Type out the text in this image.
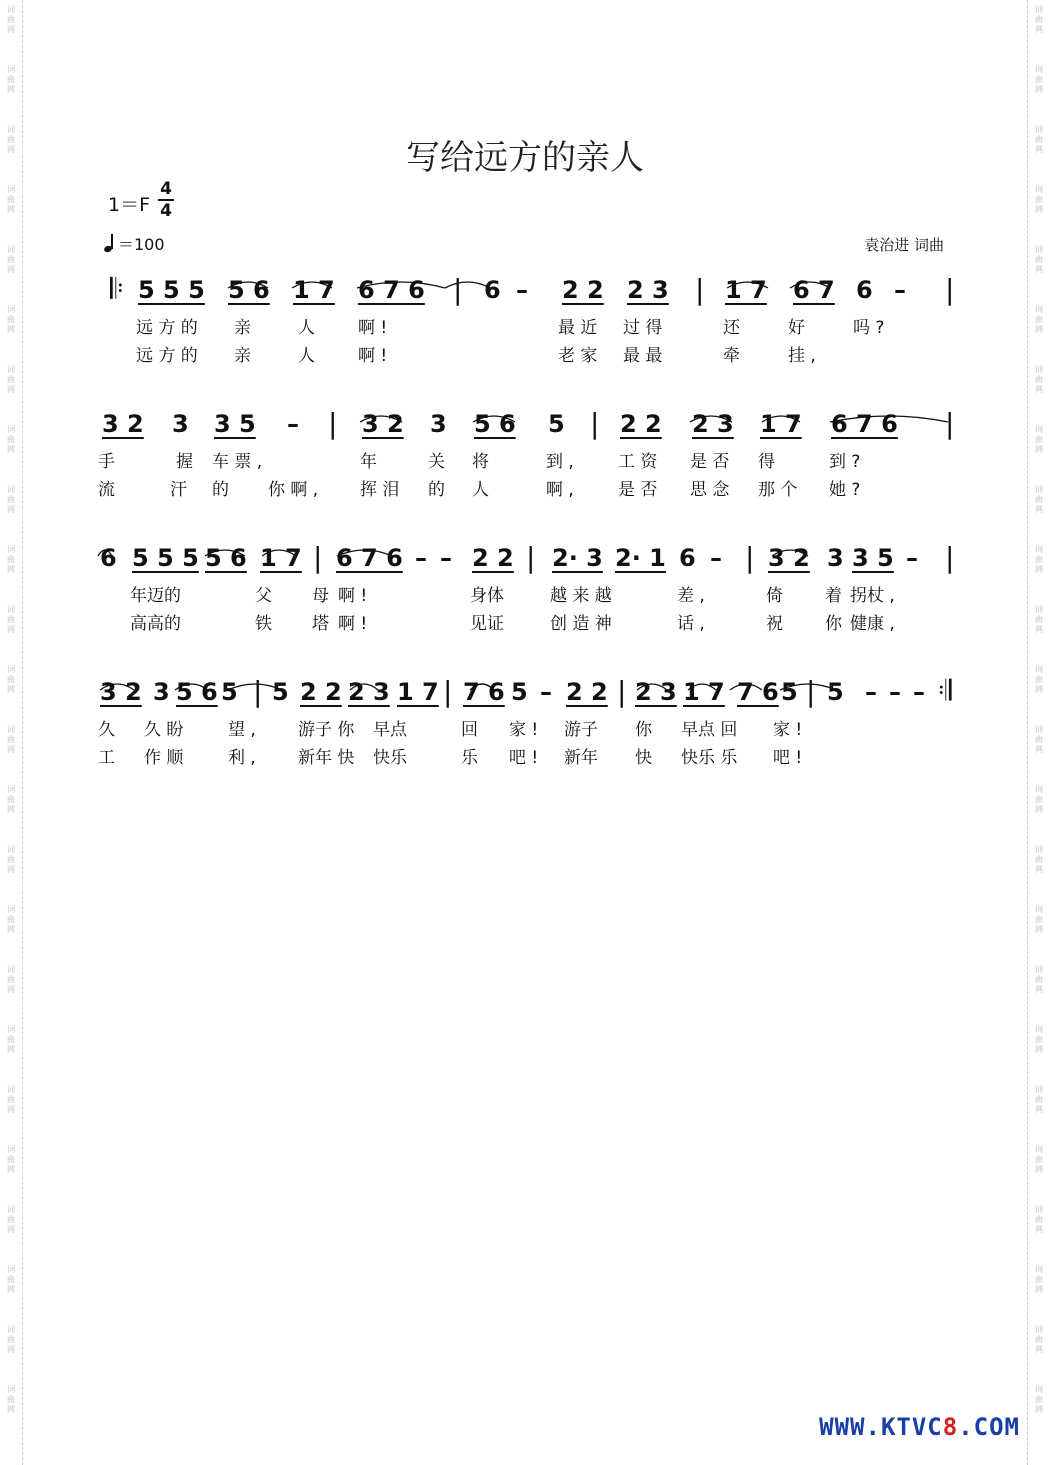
写给远方的亲人
1＝F
4
4
＝100	袁治进 词曲
𝄆 5 5 5 5 6 1 7 6 7 6 | 6 – 2 2 2 3 | 1 7 6 7 6 – |
远 方 的 亲	人	啊 !	最 近 过 得	还	好	吗 ?
远 方 的 亲	人	啊 !	老 家 最 最	牵	挂 ,
3 2 3 3 5 – | 3 2 3 5 6 5 | 2 2 2 3 1 7 6 7 6 |
手	握 车 票 ,	年	关 将	到 ,	工 资 是 否 得	到 ?
流	汗 的 你 啊 , 挥 泪 的 人	啊 ,	是 否 思 念 那 个 她 ?
6 5 5 5 5 6 1 7 | 6 7 6 – – 2 2 | 2· 3 2· 1 6 – | 3 2 3 3 5 – |
年迈的	父 母 啊 !	身体	越 来 越	差 ,	倚 着 拐杖 ,
高高的	铁 塔 啊 !	见证	创 造 神	话 ,	祝 你 健康 ,
3 2 3 5 6 5 | 5 2 2 2 3 1 7 | 7 6 5 – 2 2 | 2 3 1 7 7 6 5 | 5 – – – 𝄇
久 久 盼	望 , 游子 你 早点	回 家 ! 游子 你 早点 回 家 !
工 作 顺	利 , 新年 快 快乐	乐 吧 ! 新年 快 快乐 乐 吧 !
WWW.KTVC8.COM
词
曲
网
词
曲
网
词
曲
网
词
曲
网
词
曲
网
词
曲
网
词
曲
网
词
曲
网
词
曲
网
词
曲
网
词
曲
网
词
曲
网
词
曲
网
词
曲
网
词
曲
网
词
曲
网
词
曲
网
词
曲
网
词
曲
网
词
曲
网
词
曲
网
词
曲
网
词
曲
网
词
曲
网
词
曲
网
词
曲
网
词
曲
网
词
曲
网
词
曲
网
词
曲
网
词
曲
网
词
曲
网
词
曲
网
词
曲
网
词
曲
网
词
曲
网
词
曲
网
词
曲
网
词
曲
网
词
曲
网
词
曲
网
词
曲
网
词
曲
网
词
曲
网
词
曲
网
词
曲
网
词
曲
网
词
曲
网
